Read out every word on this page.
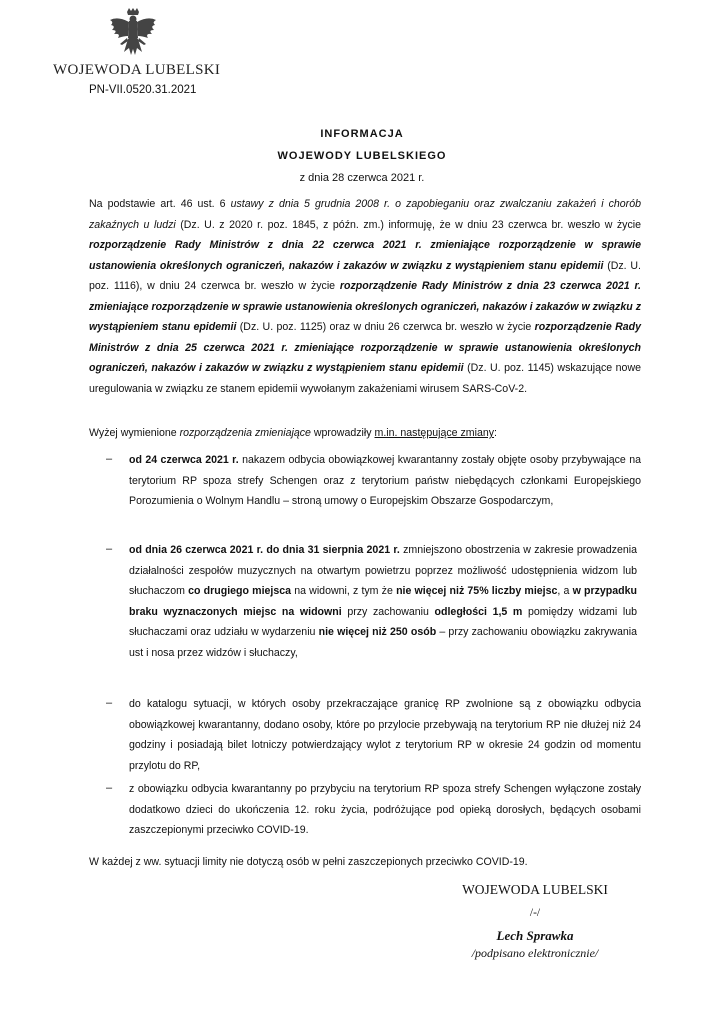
WOJEWODA LUBELSKI
PN-VII.0520.31.2021
INFORMACJA
WOJEWODY LUBELSKIEGO
z dnia 28 czerwca 2021 r.
Na podstawie art. 46 ust. 6 ustawy z dnia 5 grudnia 2008 r. o zapobieganiu oraz zwalczaniu zakażeń i chorób zakaźnych u ludzi (Dz. U. z 2020 r. poz. 1845, z późn. zm.) informuję, że w dniu 23 czerwca br. weszło w życie rozporządzenie Rady Ministrów z dnia 22 czerwca 2021 r. zmieniające rozporządzenie w sprawie ustanowienia określonych ograniczeń, nakazów i zakazów w związku z wystąpieniem stanu epidemii (Dz. U. poz. 1116), w dniu 24 czerwca br. weszło w życie rozporządzenie Rady Ministrów z dnia 23 czerwca 2021 r. zmieniające rozporządzenie w sprawie ustanowienia określonych ograniczeń, nakazów i zakazów w związku z wystąpieniem stanu epidemii (Dz. U. poz. 1125) oraz w dniu 26 czerwca br. weszło w życie rozporządzenie Rady Ministrów z dnia 25 czerwca 2021 r. zmieniające rozporządzenie w sprawie ustanowienia określonych ograniczeń, nakazów i zakazów w związku z wystąpieniem stanu epidemii (Dz. U. poz. 1145) wskazujące nowe uregulowania w związku ze stanem epidemii wywołanym zakażeniami wirusem SARS-CoV-2.
Wyżej wymienione rozporządzenia zmieniające wprowadziły m.in. następujące zmiany:
– od 24 czerwca 2021 r. nakazem odbycia obowiązkowej kwarantanny zostały objęte osoby przybywające na terytorium RP spoza strefy Schengen oraz z terytorium państw niebędących członkami Europejskiego Porozumienia o Wolnym Handlu – stroną umowy o Europejskim Obszarze Gospodarczym,
– od dnia 26 czerwca 2021 r. do dnia 31 sierpnia 2021 r. zmniejszono obostrzenia w zakresie prowadzenia działalności zespołów muzycznych na otwartym powietrzu poprzez możliwość udostępnienia widzom lub słuchaczom co drugiego miejsca na widowni, z tym że nie więcej niż 75% liczby miejsc, a w przypadku braku wyznaczonych miejsc na widowni przy zachowaniu odległości 1,5 m pomiędzy widzami lub słuchaczami oraz udziału w wydarzeniu nie więcej niż 250 osób – przy zachowaniu obowiązku zakrywania ust i nosa przez widzów i słuchaczy,
– do katalogu sytuacji, w których osoby przekraczające granicę RP zwolnione są z obowiązku odbycia obowiązkowej kwarantanny, dodano osoby, które po przylocie przebywają na terytorium RP nie dłużej niż 24 godziny i posiadają bilet lotniczy potwierdzający wylot z terytorium RP w okresie 24 godzin od momentu przylotu do RP,
– z obowiązku odbycia kwarantanny po przybyciu na terytorium RP spoza strefy Schengen wyłączone zostały dodatkowo dzieci do ukończenia 12. roku życia, podróżujące pod opieką dorosłych, będących osobami zaszczepionymi przeciwko COVID-19.
W każdej z ww. sytuacji limity nie dotyczą osób w pełni zaszczepionych przeciwko COVID-19.
WOJEWODA LUBELSKI
/-/
Lech Sprawka
/podpisano elektronicznie/
